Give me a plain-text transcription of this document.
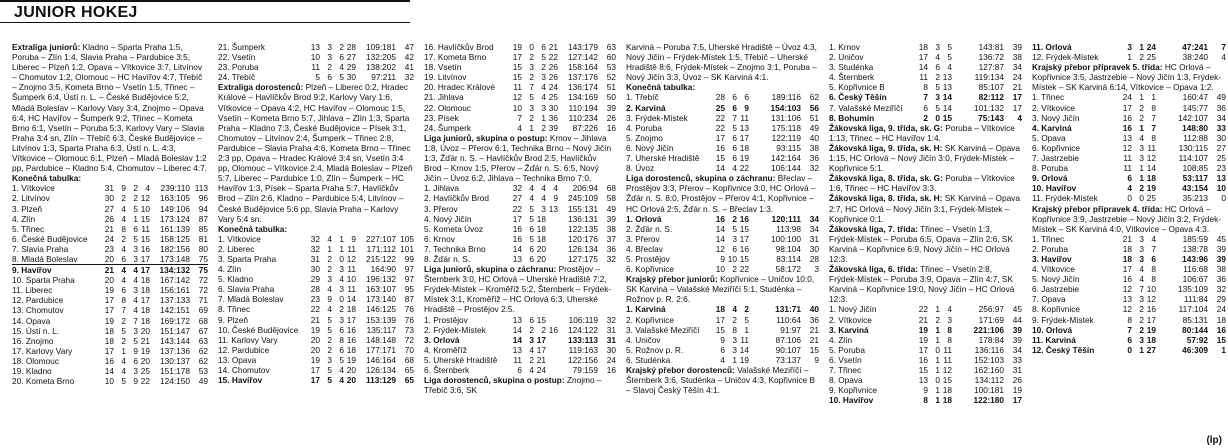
JUNIOR HOKEJ

Extraliga juniorů: Kladno – Sparta Praha 1:5, Poruba – Zlín 1:4, Slavia Praha – Pardubice 3:5, Liberec – Plzeň 1:2, Opava – Vítkovice 3:7, Litvínov – Chomutov 1:2, Olomouc – HC Havířov 4:7, Třebíč – Znojmo 3:5, Kometa Brno – Vsetín 1:5, Třinec – Šumperk 6:4, Ústí n. L. – České Budějovice 5:2, Mladá Boleslav – Karlovy Vary 3:4, Znojmo – Opava 6:4, HC Havířov – Šumperk 9:2, Třinec – Kometa Brno 6:1, Vsetín – Poruba 5:3, Karlovy Vary – Slavia Praha 3:4 sn, Zlín – Třebíč 6:3, České Budějovice – Litvínov 1:3, Sparta Praha 6:3, Ústí n. L. 4:3, Vítkovice – Olomouc 6:1, Plzeň – Mladá Boleslav 1:2 pp, Pardubice – Kladno 5:4, Chomutov – Liberec 4:7.

Konečná tabulka:
1. Vítkovice	31 9 2 4	239:110 113
2. Litvínov	30 2 2 12	163:105	96
3. Plzeň	27 4 5 10	149:106	94
4. Zlín	26 4 1 15	173:124	87
5. Třinec	21 8 6 11	161:139	85
6. České Budějovice	24 2 5 15	158:125	81
7. Slavia Praha	23 4 3 16	182:156	80
8. Mladá Boleslav	20 6 3 17	173:148	75
9. Havířov	21 4 4 17	134:132	75
10. Sparta Praha	20 4 4 18	167:142	72
11. Liberec	19 6 3 18	156:161	72
12. Pardubice	17 8 4 17	137:133	71
13. Chomutov	17 7 4 18	142:151	69
14. Opava	19 2 7 18	169:172	68
15. Ústí n. L.	18 5 3 20	151:147	67
16. Znojmo	18 2 5 21	143:144	63
17. Karlovy Vary	17 1 9 19	137:136	62
18. Olomouc	16 4 6 20	130:137	62
19. Kladno	14 4 3 25	151:178	53
20. Kometa Brno	10 5 9 22	124:150	49
21. Šumperk	13 3 2 28	109:181	47
22. Vsetín	10 3 6 27	132:205	42
23. Poruba	11 2 4 29	138:202	41
24. Třebíč	5 6 5 30	97:211	32

Extraliga dorostenců: Plzeň – Liberec 0:2, Hradec Králové – Havlíčkův Brod 9:2, Karlovy Vary 1:6, Vítkovice – Opava 4:2, HC Havířov – Olomouc 1:5, Vsetín – Kometa Brno 5:7, Jihlava – Zlín 1:3, Sparta Praha – Kladno 7:3, České Budějovice – Písek 3:1, Chomutov – Litvínov 2:4, Šumperk – Třinec 2:8, Pardubice – Slavia Praha 4:6, Kometa Brno – Třinec 2:3 pp, Opava – Hradec Králové 3:4 sn, Vsetín 3:4 pp, Olomouc – Vítkovice 2:4, Mladá Boleslav – Plzeň 5:7, Liberec – Pardubice 1:0, Zlín – Šumperk – HC Havířov 1:3, Písek – Sparta Praha 5:7, Havlíčkův Brod – Zlín 2:6, Kladno – Pardubice 5:4, Litvínov – České Budějovice 5:6 pp, Slavia Praha – Karlovy Vary 5:4 sn.

Konečná tabulka:
1. Vítkovice	32 4 1 9	227:107 105
2. Liberec	32 1 1 11	171:112 101
3. Sparta Praha	31 2 0 12	215:122	99
4. Zlín	30 2 3 11	164:90	97
5. Kladno	29 3 4 10	196:132	97
6. Slavia Praha	28 4 3 11	163:107	95
7. Mladá Boleslav	23 9 0 14	173:140	87
8. Třinec	22 4 2 18	146:125	76
9. Plzeň	21 5 3 17	153:139	76
10. České Budějovice	19 5 6 16	135:117	73
11. Karlovy Vary	20 2 8 16	148:148	72
12. Pardubice	20 2 6 18	177:171	70
13. Opava	19 3 5 19	146:164	68
14. Chomutov	17 5 4 20	126:134	65
15. Havířov	17 5 4 20	113:129	65
16. Havlíčkův Brod	19 0 6 21	143:179	63
17. Kometa Brno	17 2 5 22	127:142	60
18. Vsetín	15 3 2 26	158:164	53
19. Litvínov	15 2 3 26	137:176	52
20. Hradec Králové	11 7 4 24	136:174	51
21. Jihlava	12 5 4 25	134:169	50
22. Olomouc	10 3 3 30	110:194	39
23. Písek	7 2 1 36	110:234	26
24. Šumperk	4 1 2 39	87:226	16

Liga juniorů, skupina o postup: Krnov – Jihlava 1:8, Úvoz – Přerov 6:1, Technika Brno – Nový Jičín 1:3, Žďár n. S. – Havlíčkův Brod 2:5, Havlíčkův Brod – Krnov 1:5, Přerov – Žďár n. S. 6:5, Nový Jičín – Úvoz 6:2, Jihlava – Technika Brno 7:0.

1. Jihlava	32 4 4 4	206:94	68
2. Havlíčkův Brod	27 4 4 9	245:109	58
3. Přerov	22 5 3 13	155:131	49
4. Nový Jičín	17 5 18	136:131	39
5. Kometa Úvoz	16 6 18	122:135	38
6. Krnov	16 5 18	120:176	37
7. Technika Brno	14 6 20	126:134	36
8. Žďár n. S.	13 6 20	127:175	32

Liga juniorů, skupina o záchranu: Prostějov – Šternberk 3:0, HC Orlová – Uherské Hradiště 7:2, Frýdek-Místek – Kroměříž 5:2, Šternberk – Frýdek-Místek 3:1, Kroměříž – HC Orlová 6:3, Uherské Hradiště – Prostějov 2:5.

1. Prostějov	13 6 15	106:119	32
2. Frýdek-Místek	14 2 2 16	124:122	31
3. Orlová	14 3 17	133:113	31
4. Kroměříž	13 4 17	119:163	30
5. Uherské Hradiště	11 2 21	122:156	24
6. Šternberk	6 4 24	79:159	16

Liga dorostenců, skupina o postup: Znojmo – Třebíč 3:6, SK

Karviná – Poruba 7:5, Uherské Hradiště – Úvoz 4:3, Nový Jičín – Frýdek-Místek 1:5, Třebíč – Uherské Hradiště 8:6, Frýdek-Místek – Znojmo 3:1, Poruba – Nový Jičín 3:3, Úvoz – SK Karviná 4:1.

Konečná tabulka:
1. Třebíč	28 6 6	189:116	62
2. Karviná	25 6 9	154:103	56
3. Frýdek-Místek	22 7 11	131:106	51
4. Poruba	22 5 13	175:118	49
5. Znojmo	17 6 17	122:119	40
6. Nový Jičín	16 6 18	93:115	38
7. Uherské Hradiště	15 6 19	142:164	36
8. Úvoz	14 4 22	106:144	32

Liga dorostenců, skupina o záchranu: Břeclav – Prostějov 3:3, Přerov – Kopřivnice 3:0, HC Orlová – Žďár n. S. 8:0, Prostějov – Přerov 4:1, Kopřivnice – HC Orlová 2:5, Žďár n. S. – Břeclav 1:3.

1. Orlová	16 2 16	120:111	34
2. Žďár n. S.	14 5 15	113:98	34
3. Přerov	14 3 17	100:100	31
4. Břeclav	12 6 16	98:104	30
5. Prostějov	9 10 15	83:114	28
6. Kopřivnice	10 2 22	58:172	3

Krajský přebor juniorů: Kopřivnice – Uničov 10:0, SK Karviná – Valašské Meziříčí 5:1, Studénka – Rožnov p. R. 2:6.

1. Karviná	18 4 2	131:71	40
2. Kopřivnice	17 2 5	110:64	36
3. Valašské Meziříčí	15 8 1	91:97	21
4. Uničov	9 3 11	87:106	21
5. Rožnov p. R.	6 3 14	90:107	15
6. Studénka	4 1 19	73:137	9

Krajský přebor dorostenců: Valašské Meziříčí – Šternberk 3:6, Studénka – Uničov 4:3, Kopřivnice B – Slavoj Český Těšín 4:1.

1. Krnov	18 3 5	143:81	39
2. Uničov	17 4 5	136:72	38
3. Studénka	14 6 4	127:87	34
4. Šternberk	11 2 13	119:134	24
5. Kopřivnice B	8 5 13	85:107	21
6. Český Těšín	7 3 14	82:112	17
7. Valašské Meziříčí	6 5 14	101:132	17
8. Bohumín	2 0 15	75:143	4

Žákovská liga, 9. třída, sk. G: Poruba – Vítkovice 1:13, Třinec – HC Havířov 1:4.

Žákovská liga, 9. třída, sk. H: SK Karviná – Opava 1:15, HC Orlová – Nový Jičín 3:0, Frýdek-Místek – Kopřivnice 5:1.

Žákovská liga, 8. třída, sk. G: Poruba – Vítkovice 1:6, Třinec – HC Havířov 3:3.

Žákovská liga, 8. třída, sk. H: SK Karviná – Opava 2:7, HC Orlová – Nový Jičín 3:1, Frýdek-Místek – Kopřivnice 0:1.

Žákovská liga, 7. třída: Třinec – Vsetín 1:3, Frýdek-Místek – Poruba 6:5, Opava – Zlín 2:6, SK Karviná – Kopřivnice 6:9, Nový Jičín – HC Orlová 12:3.

Žákovská liga, 6. třída: Třinec – Vsetín 2:8, Frýdek-Místek – Poruba 3:9, Opava – Zlín 4:7, SK Karviná – Kopřivnice 19:0, Nový Jičín – HC Orlová 12:3.

1. Nový Jičín	22 1 4	256:97	45
2. Vítkovice	21 2 3	171:69	44
3. Karviná	19 1 8	221:106	39
4. Zlín	19 1 8	178:84	39
5. Poruba	17 0 11	136:116	34
6. Vsetín	16 1 11	152:103	33
7. Třinec	15 1 12	162:160	31
8. Opava	13 0 15	134:112	26
9. Kopřivnice	9 1 18	100:181	19
10. Havířov	8 1 18	122:180	17
11. Orlová	3 1 24	47:241	7
12. Frýdek-Místek	1 2 25	38:240	4

Krajský přebor přípravek 5. třída: HC Orlová – Kopřivnice 3:5, Jastrzebie – Nový Jičín 1:3, Frýdek-Místek – SK Karviná 6:14, Vítkovice – Opava 1:2.

1. Třinec	24 1 1	160:47	49
2. Vítkovice	17 2 8	145:77	36
3. Nový Jičín	16 2 7	142:107	34
4. Karviná	16 1 7	148:80	33
5. Opava	13 4 8	112:88	30
6. Kopřivnice	12 3 11	130:115	27
7. Jastrzebie	11 3 12	114:107	25
8. Poruba	11 1 14	108:85	23
9. Orlová	6 1 18	53:117	13
10. Havířov	4 2 19	43:154	10
11. Frýdek-Místek	0 0 25	35:213	0

Krajský přebor přípravek 4. třída: HC Orlová – Kopřivnice 3:9, Jastrzebie – Nový Jičín 3:2, Frýdek-Místek – SK Karviná 4:0, Vítkovice – Opava 4:3.

1. Třinec	21 3 4	185:59	45
2. Poruba	18 3 7	138:78	39
3. Havířov	18 3 6	143:96	39
4. Vítkovice	17 4 8	116:68	38
5. Nový Jičín	16 4 8	106:67	36
6. Jastrzebie	12 7 10	135:109	32
7. Opava	13 3 12	111:84	29
8. Kopřivnice	12 2 16	117:104	24
9. Frýdek-Místek	8 2 17	85:131	18
10. Orlová	7 2 19	80:144	16
11. Karviná	6 3 18	57:92	15
12. Český Těšín	0 1 27	46:309	1
(lp)
